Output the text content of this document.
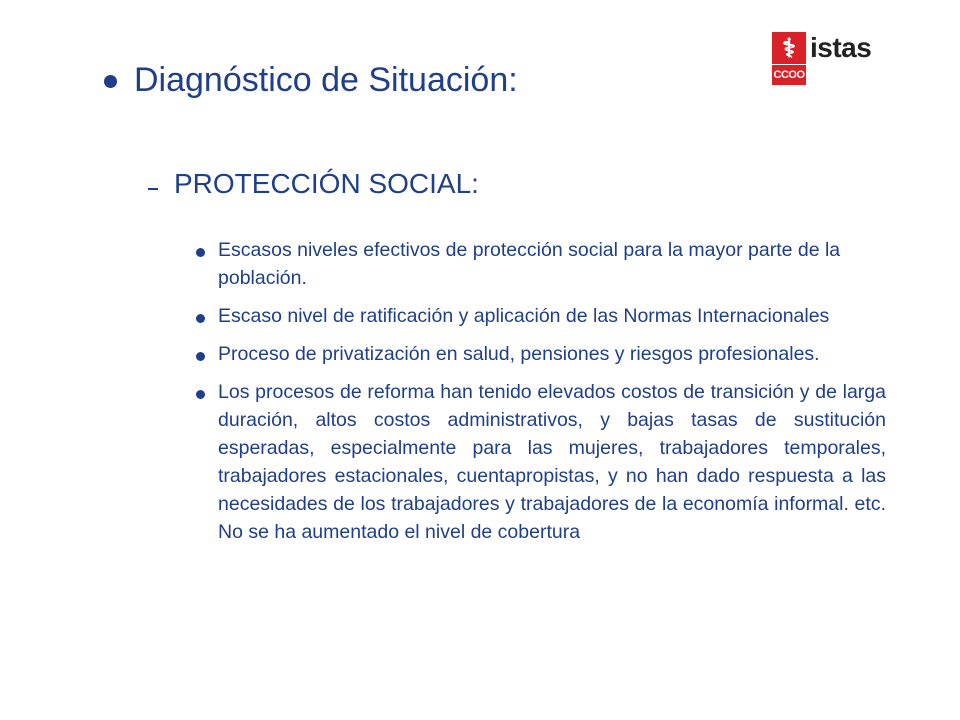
⚕ istas
CCOO
Diagnóstico de Situación:
PROTECCIÓN SOCIAL:
Escasos niveles efectivos de protección social para la mayor parte de la población.
Escaso nivel de ratificación y aplicación de las Normas Internacionales
Proceso de privatización en salud, pensiones y riesgos profesionales.
Los procesos de reforma han tenido elevados costos de transición y de larga duración, altos costos administrativos, y bajas tasas de sustitución esperadas, especialmente para las mujeres, trabajadores temporales, trabajadores estacionales, cuentapropistas, y no han dado respuesta a las necesidades de los trabajadores y trabajadores de la economía informal. etc. No se ha aumentado el nivel de cobertura
